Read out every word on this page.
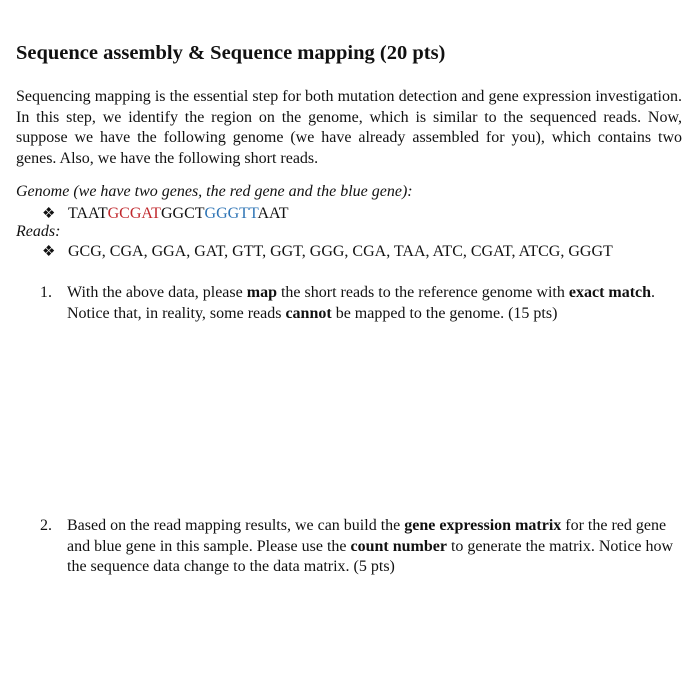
Sequence assembly & Sequence mapping (20 pts)
Sequencing mapping is the essential step for both mutation detection and gene expression investigation. In this step, we identify the region on the genome, which is similar to the sequenced reads. Now, suppose we have the following genome (we have already assembled for you), which contains two genes. Also, we have the following short reads.
Genome (we have two genes, the red gene and the blue gene):
❖ TAATGCGATGGCTGGGTTAAT
Reads:
❖ GCG, CGA, GGA, GAT, GTT, GGT, GGG, CGA, TAA, ATC, CGAT, ATCG, GGGT
1. With the above data, please map the short reads to the reference genome with exact match. Notice that, in reality, some reads cannot be mapped to the genome. (15 pts)
2. Based on the read mapping results, we can build the gene expression matrix for the red gene and blue gene in this sample. Please use the count number to generate the matrix. Notice how the sequence data change to the data matrix. (5 pts)
